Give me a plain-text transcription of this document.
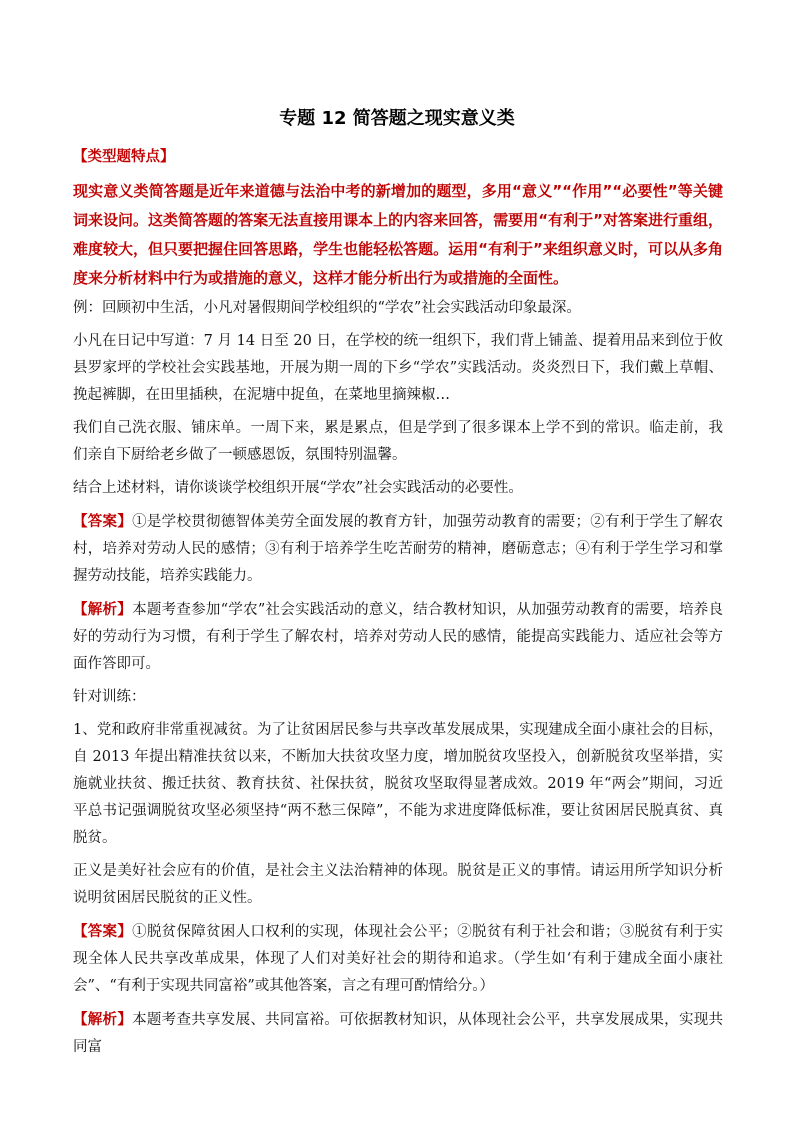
专题 12 简答题之现实意义类

【类型题特点】

现实意义类简答题是近年来道德与法治中考的新增加的题型，多用“意义”“作用”“必要性”等关键词来设问。这类简答题的答案无法直接用课本上的内容来回答，需要用“有利于”对答案进行重组，难度较大，但只要把握住回答思路，学生也能轻松答题。运用“有利于”来组织意义时，可以从多角度来分析材料中行为或措施的意义，这样才能分析出行为或措施的全面性。

例：回顾初中生活，小凡对暑假期间学校组织的“学农”社会实践活动印象最深。

小凡在日记中写道：7 月 14 日至 20 日，在学校的统一组织下，我们背上铺盖、提着用品来到位于攸县罗家坪的学校社会实践基地，开展为期一周的下乡“学农”实践活动。炎炎烈日下，我们戴上草帽、挽起裤脚，在田里插秧，在泥塘中捉鱼，在菜地里摘辣椒…

我们自己洗衣服、铺床单。一周下来，累是累点，但是学到了很多课本上学不到的常识。临走前，我们亲自下厨给老乡做了一顿感恩饭，氛围特别温馨。

结合上述材料，请你谈谈学校组织开展“学农”社会实践活动的必要性。

【答案】①是学校贯彻德智体美劳全面发展的教育方针，加强劳动教育的需要；②有利于学生了解农村，培养对劳动人民的感情；③有利于培养学生吃苦耐劳的精神，磨砺意志；④有利于学生学习和掌握劳动技能，培养实践能力。

【解析】本题考查参加“学农”社会实践活动的意义，结合教材知识，从加强劳动教育的需要，培养良好的劳动行为习惯，有利于学生了解农村，培养对劳动人民的感情，能提高实践能力、适应社会等方面作答即可。

针对训练：

1、党和政府非常重视减贫。为了让贫困居民参与共享改革发展成果，实现建成全面小康社会的目标，自 2013 年提出精准扶贫以来，不断加大扶贫攻坚力度，增加脱贫攻坚投入，创新脱贫攻坚举措，实施就业扶贫、搬迁扶贫、教育扶贫、社保扶贫，脱贫攻坚取得显著成效。2019 年“两会”期间，习近平总书记强调脱贫攻坚必须坚持“两不愁三保障”，不能为求进度降低标准，要让贫困居民脱真贫、真脱贫。

正义是美好社会应有的价值，是社会主义法治精神的体现。脱贫是正义的事情。请运用所学知识分析说明贫困居民脱贫的正义性。

【答案】①脱贫保障贫困人口权利的实现，体现社会公平；②脱贫有利于社会和谐；③脱贫有利于实现全体人民共享改革成果，体现了人们对美好社会的期待和追求。（学生如‘有利于建成全面小康社会”、“有利于实现共同富裕”或其他答案，言之有理可酌情给分。）

【解析】本题考查共享发展、共同富裕。可依据教材知识，从体现社会公平，共享发展成果，实现共同富
